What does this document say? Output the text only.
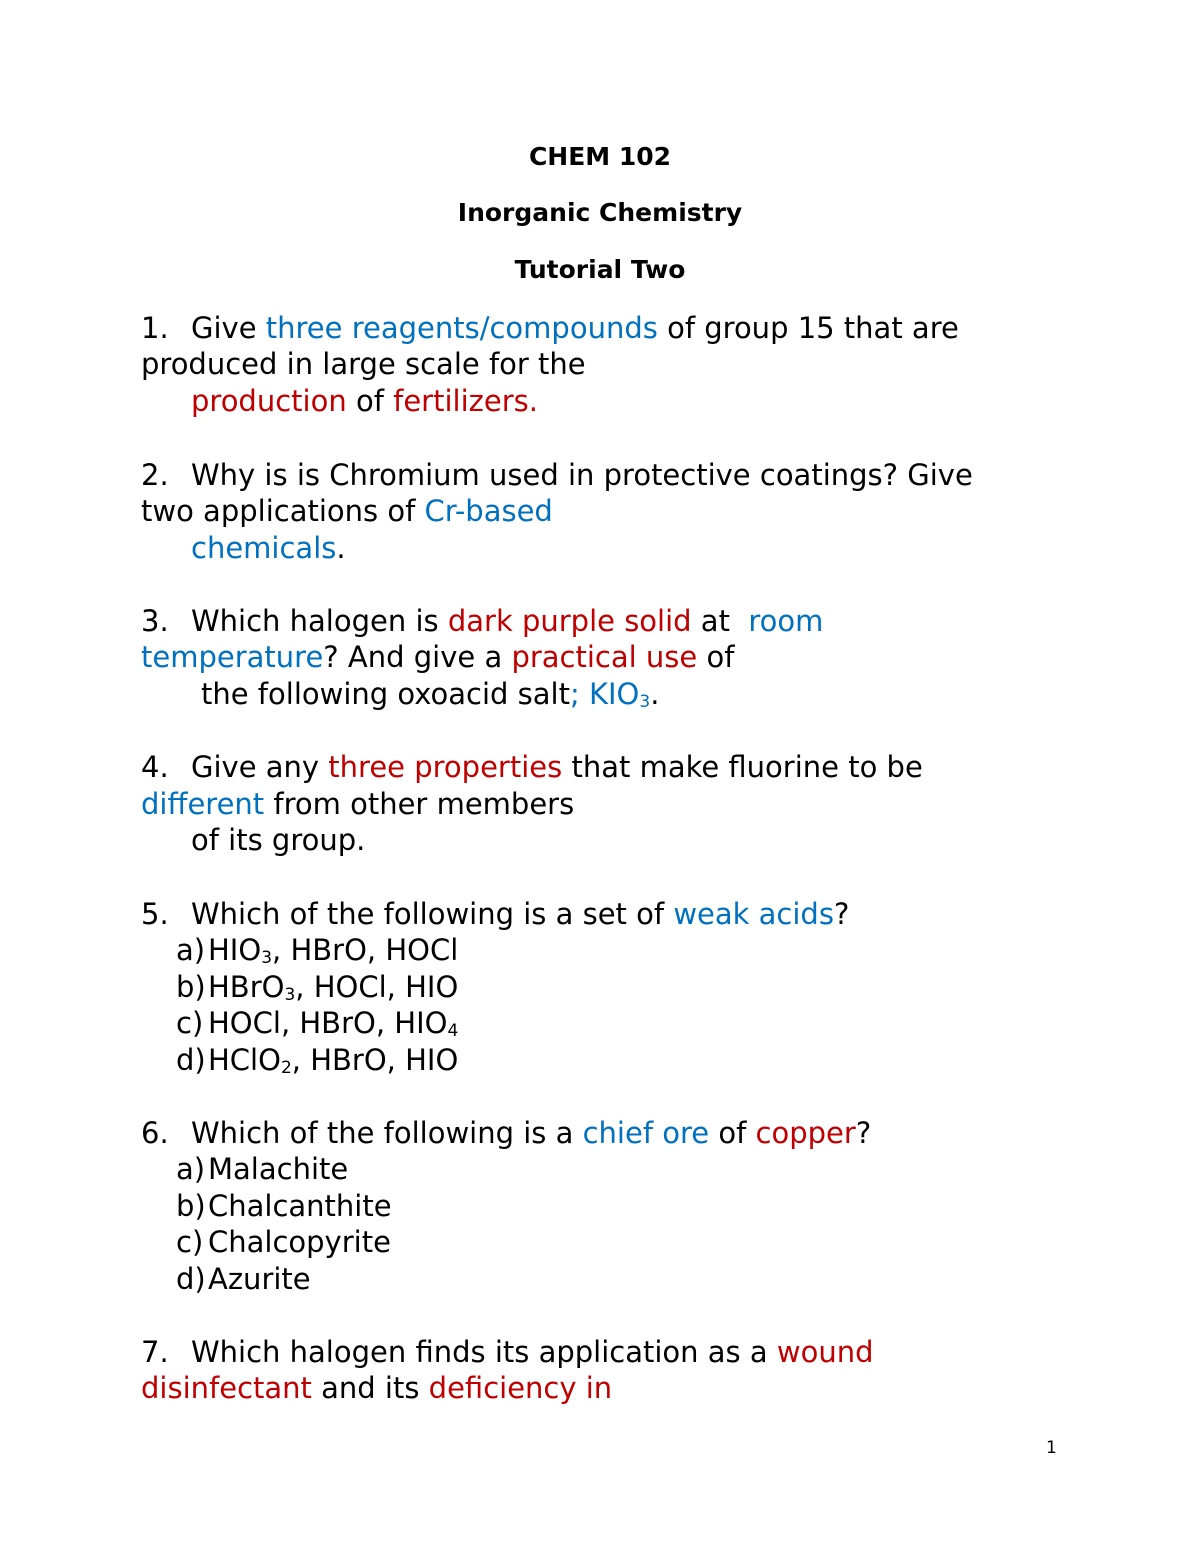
CHEM 102
Inorganic Chemistry
Tutorial Two
1. Give three reagents/compounds of group 15 that are
produced in large scale for the
production of fertilizers.
2. Why is is Chromium used in protective coatings? Give
two applications of Cr-based
chemicals.
3. Which halogen is dark purple solid at  room
temperature? And give a practical use of
the following oxoacid salt; $KIO_3$.
4. Give any three properties that make fluorine to be
different from other members
of its group.
5. Which of the following is a set of weak acids?
a) $HIO_3$, HBrO, HOCl
b)HBrO$_3$, HOCl, HIO
c) HOCl, HBrO, $HIO_4$
d)HClO$_2$, HBrO, HIO
6. Which of the following is a chief ore of copper?
a) Malachite
b)Chalcanthite
c) Chalcopyrite
d)Azurite
7. Which halogen finds its application as a wound
disinfectant and its deficiency in
1
